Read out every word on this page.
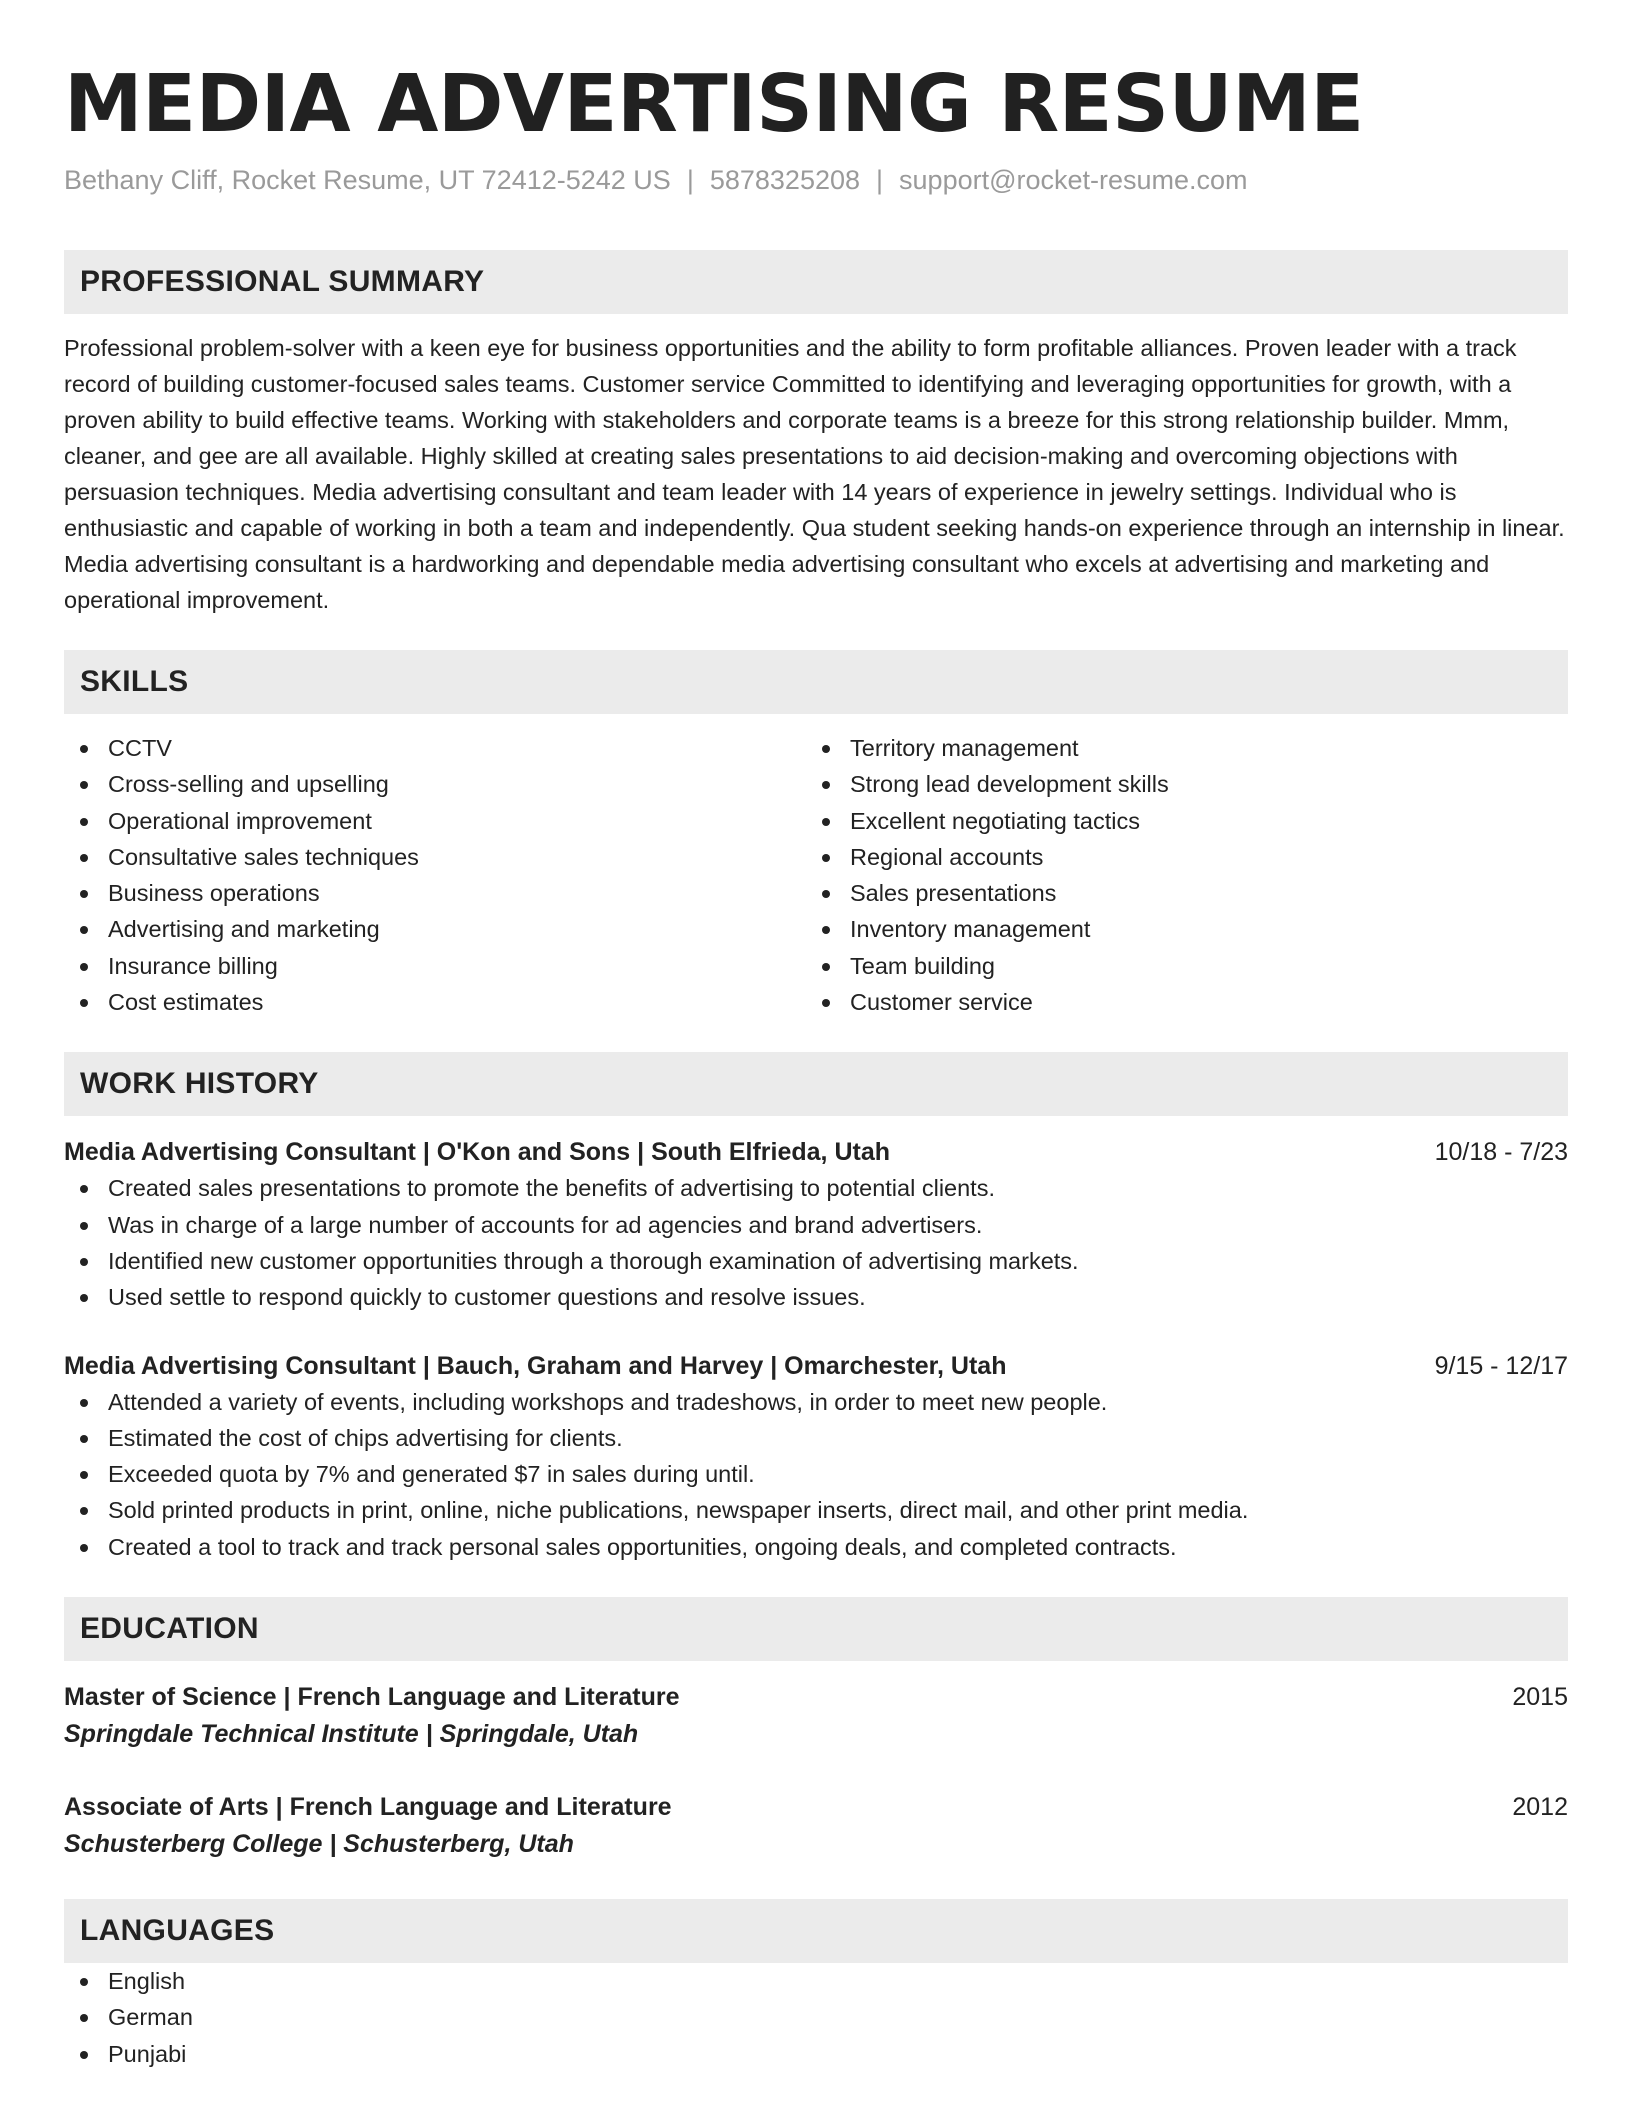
MEDIA ADVERTISING RESUME
Bethany Cliff, Rocket Resume, UT 72412-5242 US | 5878325208 | support@rocket-resume.com
PROFESSIONAL SUMMARY
Professional problem-solver with a keen eye for business opportunities and the ability to form profitable alliances. Proven leader with a track record of building customer-focused sales teams. Customer service Committed to identifying and leveraging opportunities for growth, with a proven ability to build effective teams. Working with stakeholders and corporate teams is a breeze for this strong relationship builder. Mmm, cleaner, and gee are all available. Highly skilled at creating sales presentations to aid decision-making and overcoming objections with persuasion techniques. Media advertising consultant and team leader with 14 years of experience in jewelry settings. Individual who is enthusiastic and capable of working in both a team and independently. Qua student seeking hands-on experience through an internship in linear. Media advertising consultant is a hardworking and dependable media advertising consultant who excels at advertising and marketing and operational improvement.
SKILLS
CCTV
Cross-selling and upselling
Operational improvement
Consultative sales techniques
Business operations
Advertising and marketing
Insurance billing
Cost estimates
Territory management
Strong lead development skills
Excellent negotiating tactics
Regional accounts
Sales presentations
Inventory management
Team building
Customer service
WORK HISTORY
Media Advertising Consultant | O'Kon and Sons | South Elfrieda, Utah	10/18 - 7/23
Created sales presentations to promote the benefits of advertising to potential clients.
Was in charge of a large number of accounts for ad agencies and brand advertisers.
Identified new customer opportunities through a thorough examination of advertising markets.
Used settle to respond quickly to customer questions and resolve issues.
Media Advertising Consultant | Bauch, Graham and Harvey | Omarchester, Utah	9/15 - 12/17
Attended a variety of events, including workshops and tradeshows, in order to meet new people.
Estimated the cost of chips advertising for clients.
Exceeded quota by 7% and generated $7 in sales during until.
Sold printed products in print, online, niche publications, newspaper inserts, direct mail, and other print media.
Created a tool to track and track personal sales opportunities, ongoing deals, and completed contracts.
EDUCATION
Master of Science | French Language and Literature	2015
Springdale Technical Institute | Springdale, Utah
Associate of Arts | French Language and Literature	2012
Schusterberg College | Schusterberg, Utah
LANGUAGES
English
German
Punjabi
